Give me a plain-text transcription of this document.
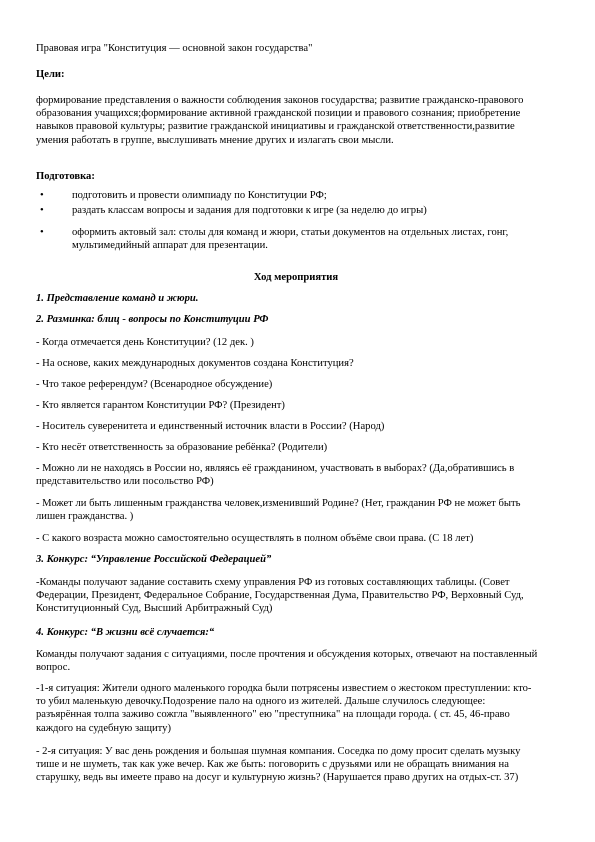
Правовая игра "Конституция — основной закон государства"

Цели:

формирование представления о важности соблюдения законов государства; развитие гражданско-правового образования учащихся;формирование активной гражданской позиции и правового сознания; приобретение навыков правовой культуры; развитие гражданской инициативы и гражданской ответственности,развитие умения работать в группе, выслушивать мнение других и излагать свои мысли.

Подготовка:

•	подготовить и провести олимпиаду по Конституции РФ;
•	раздать классам вопросы и задания для подготовки к игре (за неделю до игры)
•	оформить актовый зал: столы для команд и жюри, статьи документов на отдельных листах, гонг, мультимедийный аппарат для презентации.

Ход мероприятия

1. Представление команд и жюри.

2. Разминка: блиц - вопросы по Конституции РФ

- Когда отмечается день Конституции? (12 дек. )

- На основе, каких международных документов создана Конституция?

- Что такое референдум? (Всенародное обсуждение)

- Кто является гарантом Конституции РФ? (Президент)

- Носитель суверенитета и единственный источник власти в России? (Народ)

- Кто несёт ответственность за образование ребёнка? (Родители)

- Можно ли не находясь в России но, являясь её гражданином, участвовать в выборах? (Да,обратившись в представительство или посольство РФ)

- Может ли быть лишенным гражданства человек,изменивший Родине? (Нет, гражданин РФ не может быть лишен гражданства. )

- С какого возраста можно самостоятельно осуществлять в полном объёме свои права. (С 18 лет)

3. Конкурс: “Управление Российской Федерацией”

-Команды получают задание составить схему управления РФ из готовых составляющих таблицы. (Совет Федерации, Президент, Федеральное Собрание, Государственная Дума, Правительство РФ, Верховный Суд, Конституционный Суд, Высший Арбитражный Суд)

4. Конкурс: “В жизни всё случается:“

Команды получают задания с ситуациями, после прочтения и обсуждения которых, отвечают на поставленный вопрос.

-1-я ситуация: Жители одного маленького городка были потрясены известием о жестоком преступлении: кто-то убил маленькую девочку.Подозрение пало на одного из жителей. Дальше случилось следующее: разъярённая толпа заживо сожгла "выявленного" ею "преступника" на площади города. ( ст. 45, 46-право каждого на судебную защиту)

- 2-я ситуация: У вас день рождения и большая шумная компания. Соседка по дому просит сделать музыку тише и не шуметь, так как уже вечер. Как же быть: поговорить с друзьями или не обращать внимания на старушку, ведь вы имеете право на досуг и культурную жизнь? (Нарушается право других на отдых-ст. 37)
